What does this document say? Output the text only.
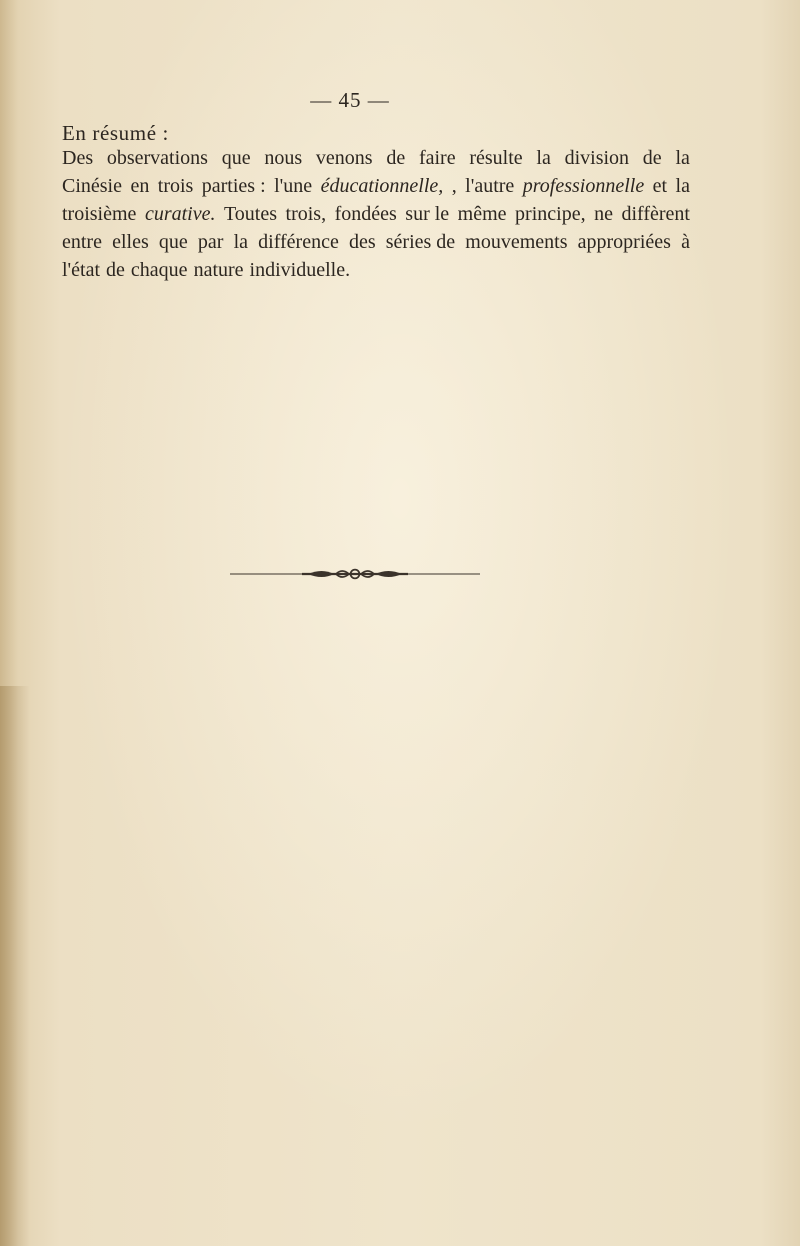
— 45 —
En résumé :
Des observations que nous venons de faire résulte la division de la
Cinésie en trois parties : l'une éducationnelle, , l'autre professionnelle et la
troisième curative. Toutes trois, fondées sur le même principe, ne diffèrent
entre elles que par la différence des séries de mouvements appropriées à
l'état de chaque nature individuelle.
